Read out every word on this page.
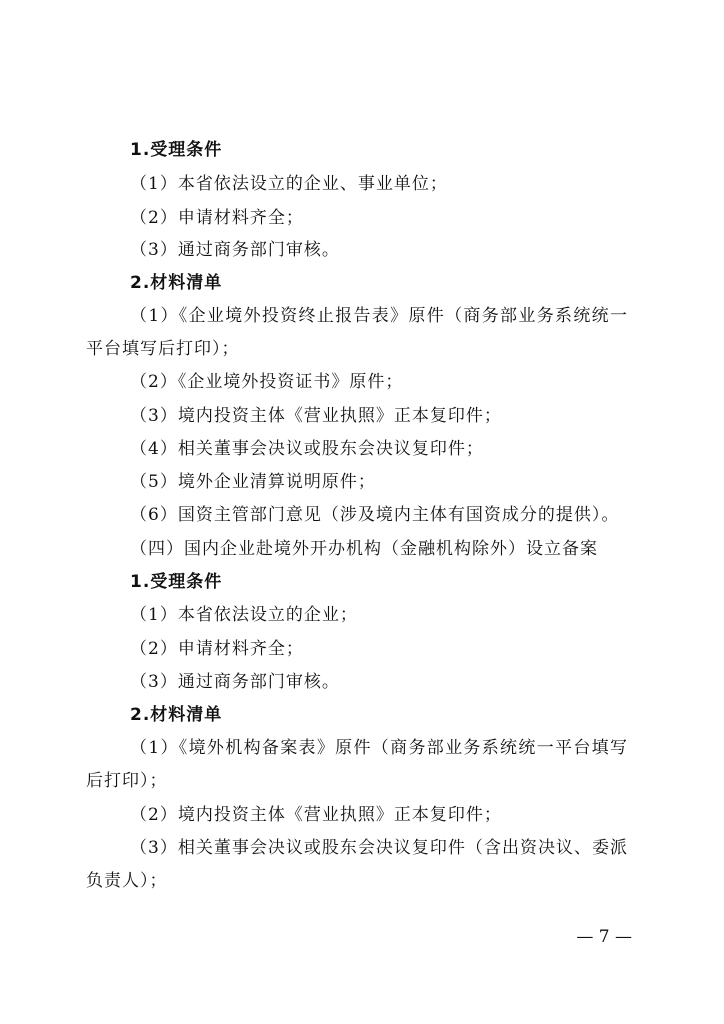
1.受理条件
（1）本省依法设立的企业、事业单位；
（2）申请材料齐全；
（3）通过商务部门审核。
2.材料清单
（1）《企业境外投资终止报告表》原件（商务部业务系统统一
平台填写后打印）；
（2）《企业境外投资证书》原件；
（3）境内投资主体《营业执照》正本复印件；
（4）相关董事会决议或股东会决议复印件；
（5）境外企业清算说明原件；
（6）国资主管部门意见（涉及境内主体有国资成分的提供）。
（四）国内企业赴境外开办机构（金融机构除外）设立备案
1.受理条件
（1）本省依法设立的企业；
（2）申请材料齐全；
（3）通过商务部门审核。
2.材料清单
（1）《境外机构备案表》原件（商务部业务系统统一平台填写
后打印）；
（2）境内投资主体《营业执照》正本复印件；
（3）相关董事会决议或股东会决议复印件（含出资决议、委派
负责人）；
— 7 —
